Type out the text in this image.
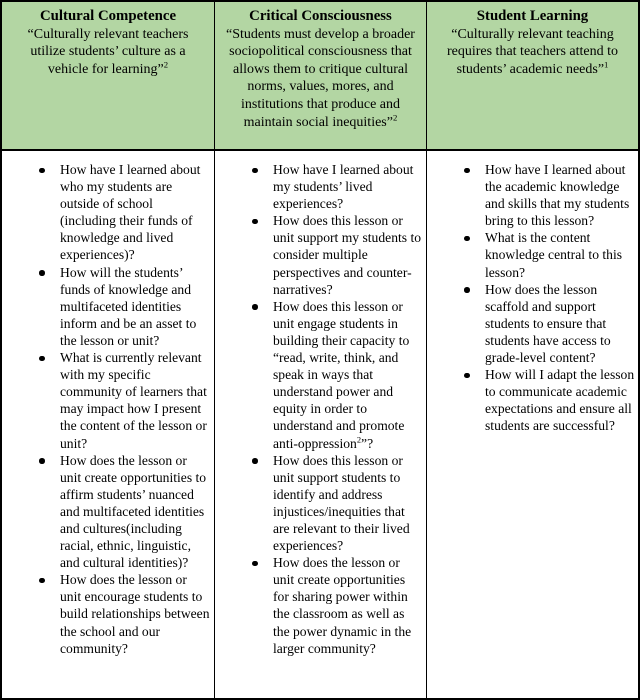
Cultural Competence
“Culturally relevant teachers utilize students’ culture as a vehicle for learning”$^2$
Critical Consciousness
“Students must develop a broader sociopolitical consciousness that allows them to critique cultural norms, values, mores, and institutions that produce and maintain social inequities”$^2$
Student Learning
“Culturally relevant teaching requires that teachers attend to students’ academic needs”$^1$
How have I learned about who my students are outside of school (including their funds of knowledge and lived experiences)?
How will the students’ funds of knowledge and multifaceted identities inform and be an asset to the lesson or unit?
What is currently relevant with my specific community of learners that may impact how I present the content of the lesson or unit?
How does the lesson or unit create opportunities to affirm students’ nuanced and multifaceted identities and cultures(including racial, ethnic, linguistic, and cultural identities)?
How does the lesson or unit encourage students to build relationships between the school and our community?
How have I learned about my students’ lived experiences?
How does this lesson or unit support my students to consider multiple perspectives and counter-narratives?
How does this lesson or unit engage students in building their capacity to “read, write, think, and speak in ways that understand power and equity in order to understand and promote anti-oppression$^2$”?
How does this lesson or unit support students to identify and address injustices/inequities that are relevant to their lived experiences?
How does the lesson or unit create opportunities for sharing power within the classroom as well as the power dynamic in the larger community?
How have I learned about the academic knowledge and skills that my students bring to this lesson?
What is the content knowledge central to this lesson?
How does the lesson scaffold and support students to ensure that students have access to grade-level content?
How will I adapt the lesson to communicate academic expectations and ensure all students are successful?
